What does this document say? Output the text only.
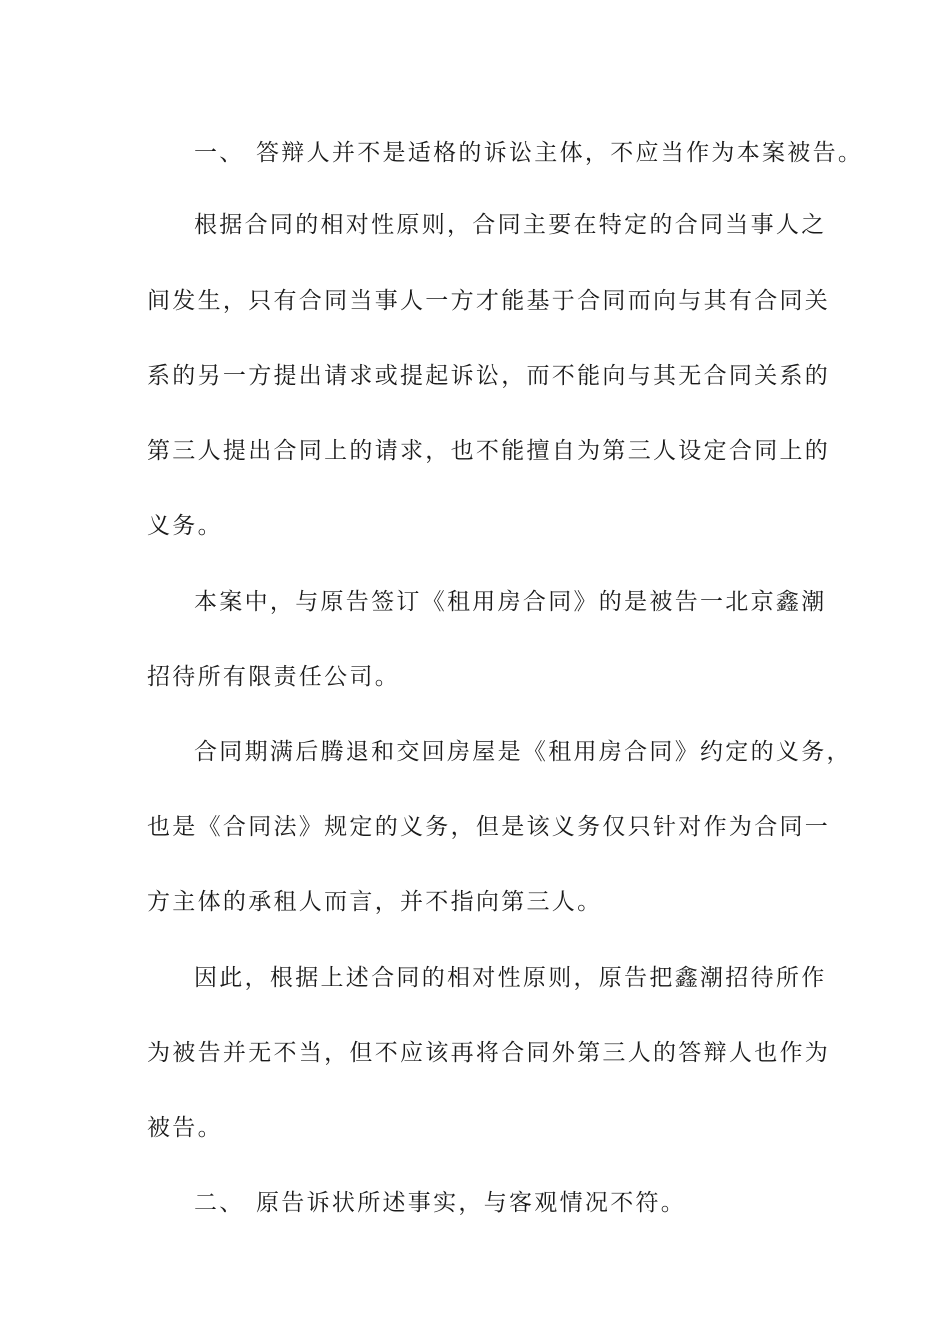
一、 答辩人并不是适格的诉讼主体，不应当作为本案被告。
根据合同的相对性原则，合同主要在特定的合同当事人之
间发生，只有合同当事人一方才能基于合同而向与其有合同关
系的另一方提出请求或提起诉讼，而不能向与其无合同关系的
第三人提出合同上的请求，也不能擅自为第三人设定合同上的
义务。
本案中，与原告签订《租用房合同》的是被告一北京鑫潮
招待所有限责任公司。
合同期满后腾退和交回房屋是《租用房合同》约定的义务，
也是《合同法》规定的义务，但是该义务仅只针对作为合同一
方主体的承租人而言，并不指向第三人。
因此，根据上述合同的相对性原则，原告把鑫潮招待所作
为被告并无不当，但不应该再将合同外第三人的答辩人也作为
被告。
二、 原告诉状所述事实，与客观情况不符。
